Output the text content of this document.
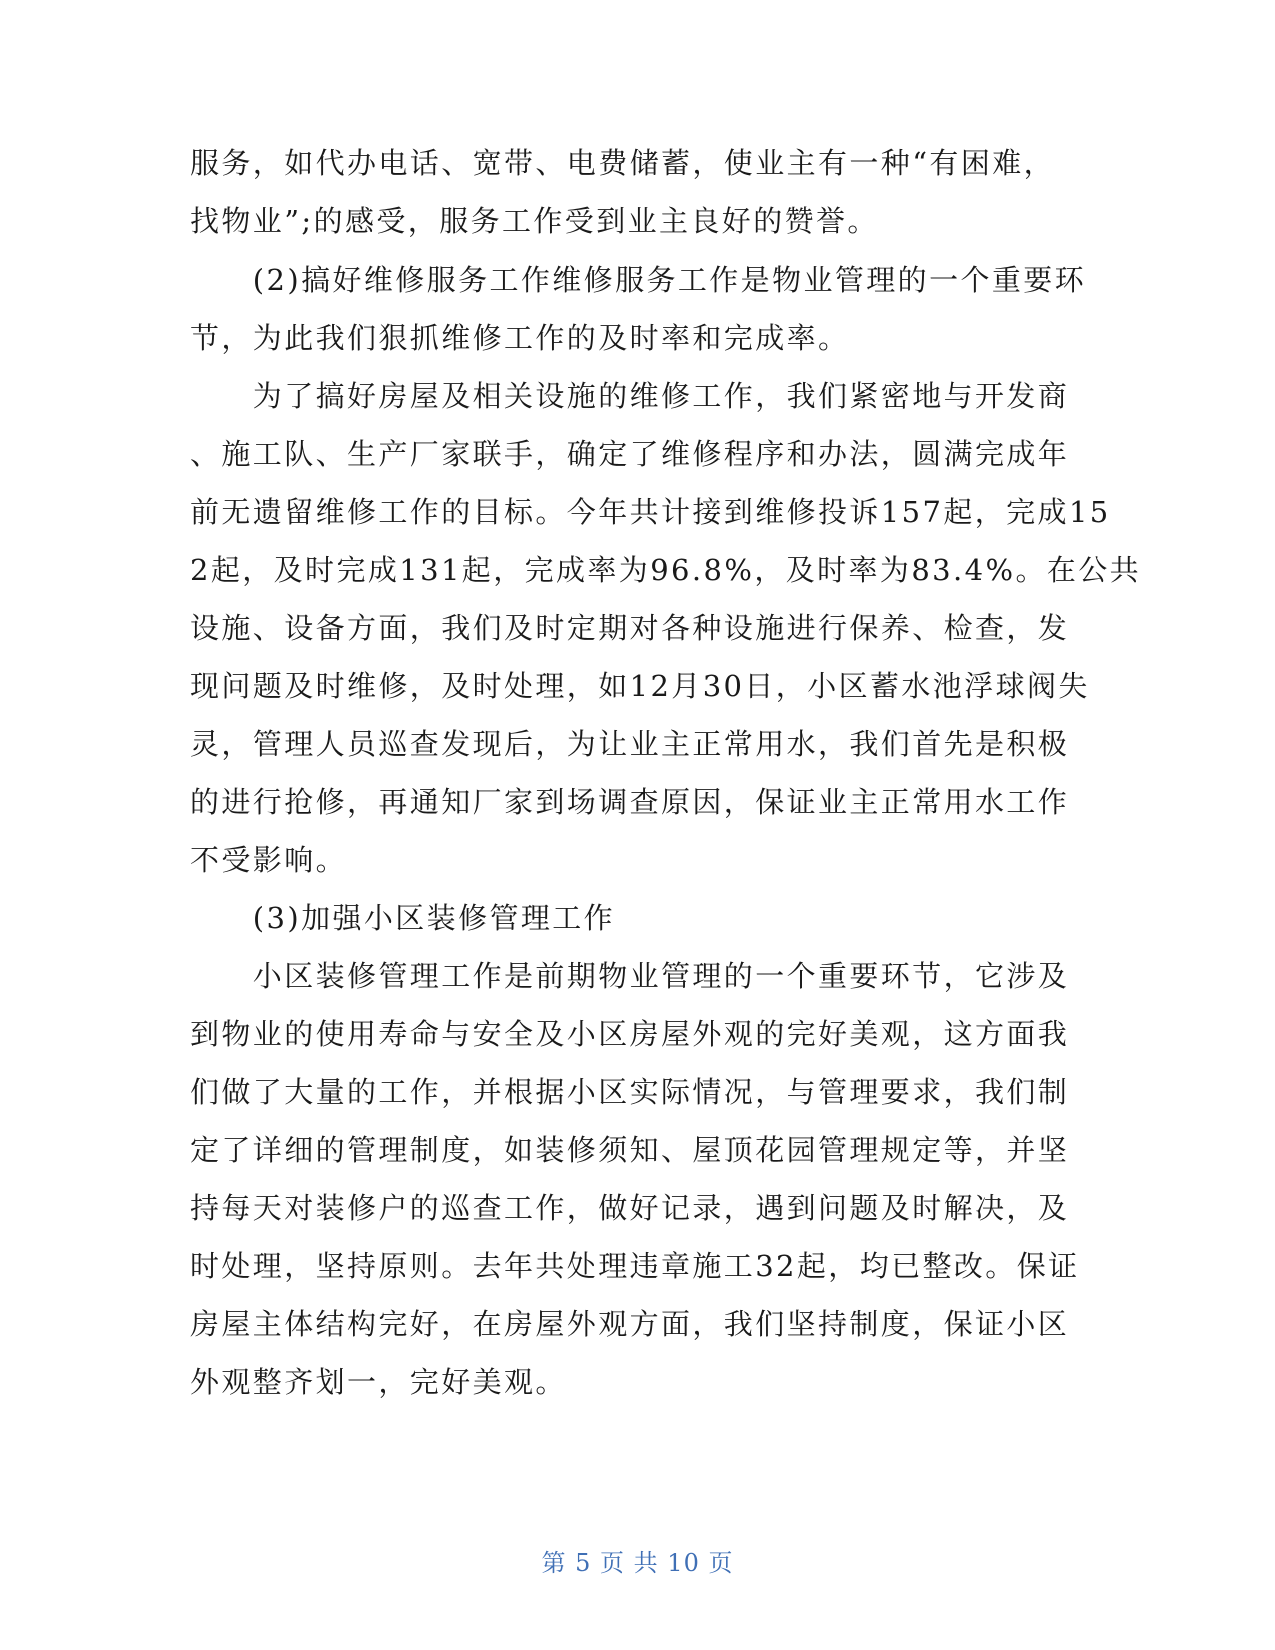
服务，如代办电话、宽带、电费储蓄，使业主有一种“有困难，
找物业”;的感受，服务工作受到业主良好的赞誉。
　　(2)搞好维修服务工作维修服务工作是物业管理的一个重要环
节，为此我们狠抓维修工作的及时率和完成率。
　　为了搞好房屋及相关设施的维修工作，我们紧密地与开发商
、施工队、生产厂家联手，确定了维修程序和办法，圆满完成年
前无遗留维修工作的目标。今年共计接到维修投诉157起，完成15
2起，及时完成131起，完成率为96.8%，及时率为83.4%。在公共
设施、设备方面，我们及时定期对各种设施进行保养、检查，发
现问题及时维修，及时处理，如12月30日，小区蓄水池浮球阀失
灵，管理人员巡查发现后，为让业主正常用水，我们首先是积极
的进行抢修，再通知厂家到场调查原因，保证业主正常用水工作
不受影响。
　　(3)加强小区装修管理工作
　　小区装修管理工作是前期物业管理的一个重要环节，它涉及
到物业的使用寿命与安全及小区房屋外观的完好美观，这方面我
们做了大量的工作，并根据小区实际情况，与管理要求，我们制
定了详细的管理制度，如装修须知、屋顶花园管理规定等，并坚
持每天对装修户的巡查工作，做好记录，遇到问题及时解决，及
时处理，坚持原则。去年共处理违章施工32起，均已整改。保证
房屋主体结构完好，在房屋外观方面，我们坚持制度，保证小区
外观整齐划一，完好美观。
第 5 页 共 10 页
